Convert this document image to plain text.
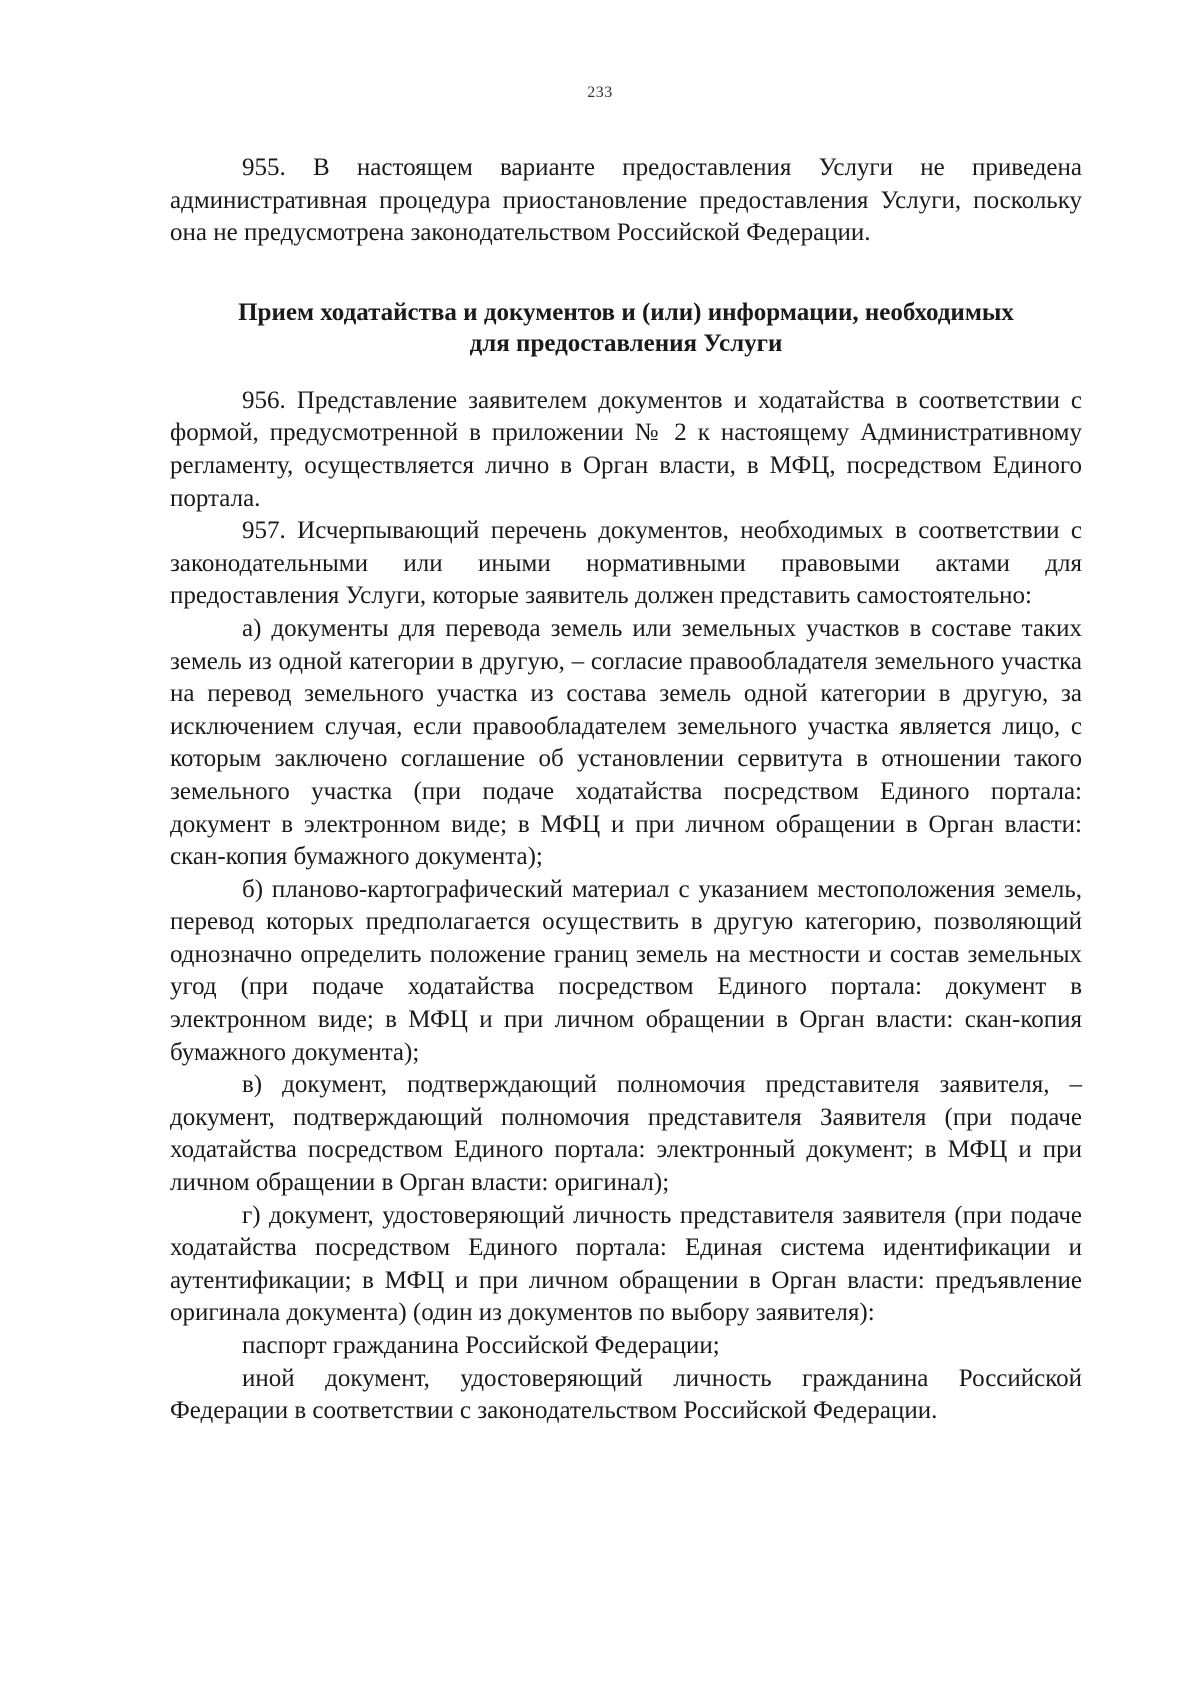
233

955. В настоящем варианте предоставления Услуги не приведена административная процедура приостановление предоставления Услуги, поскольку она не предусмотрена законодательством Российской Федерации.

Прием ходатайства и документов и (или) информации, необходимых
для предоставления Услуги

956. Представление заявителем документов и ходатайства в соответствии с формой, предусмотренной в приложении № 2 к настоящему Административному регламенту, осуществляется лично в Орган власти, в МФЦ, посредством Единого портала.

957. Исчерпывающий перечень документов, необходимых в соответствии с законодательными или иными нормативными правовыми актами для предоставления Услуги, которые заявитель должен представить самостоятельно:

а) документы для перевода земель или земельных участков в составе таких земель из одной категории в другую, – согласие правообладателя земельного участка на перевод земельного участка из состава земель одной категории в другую, за исключением случая, если правообладателем земельного участка является лицо, с которым заключено соглашение об установлении сервитута в отношении такого земельного участка (при подаче ходатайства посредством Единого портала: документ в электронном виде; в МФЦ и при личном обращении в Орган власти: скан-копия бумажного документа);

б) планово-картографический материал с указанием местоположения земель, перевод которых предполагается осуществить в другую категорию, позволяющий однозначно определить положение границ земель на местности и состав земельных угод (при подаче ходатайства посредством Единого портала: документ в электронном виде; в МФЦ и при личном обращении в Орган власти: скан-копия бумажного документа);

в) документ, подтверждающий полномочия представителя заявителя, – документ, подтверждающий полномочия представителя Заявителя (при подаче ходатайства посредством Единого портала: электронный документ; в МФЦ и при личном обращении в Орган власти: оригинал);

г) документ, удостоверяющий личность представителя заявителя (при подаче ходатайства посредством Единого портала: Единая система идентификации и аутентификации; в МФЦ и при личном обращении в Орган власти: предъявление оригинала документа) (один из документов по выбору заявителя):

паспорт гражданина Российской Федерации;

иной документ, удостоверяющий личность гражданина Российской Федерации в соответствии с законодательством Российской Федерации.
